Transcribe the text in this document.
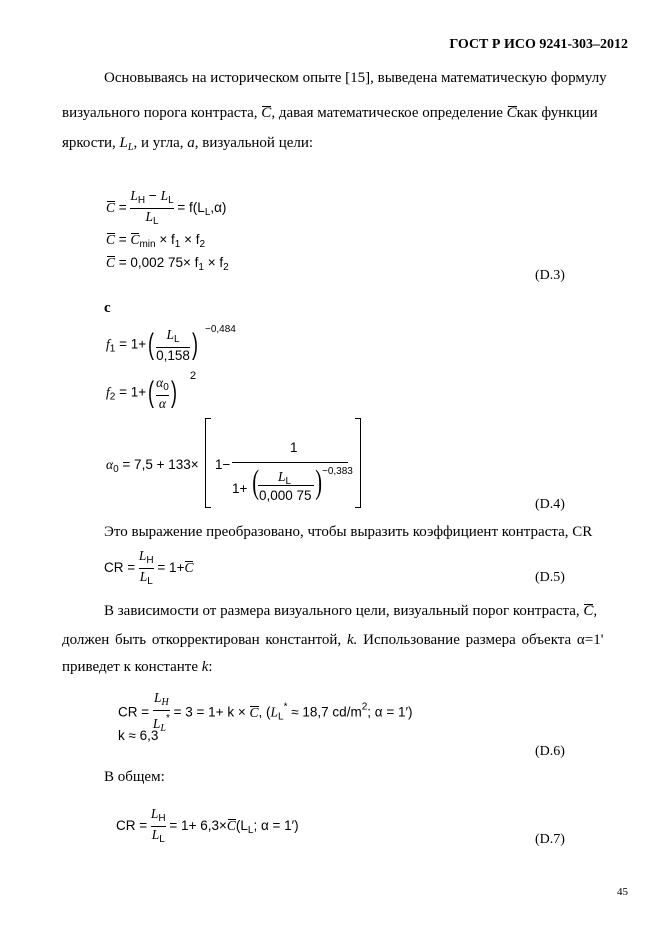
ГОСТ Р ИСО 9241-303–2012
Основываясь на историческом опыте [15], выведена математическую формулу
визуального порога контраста, C, давая математическое определение Cкак функции
яркости, $L_L$, и угла, a, визуальной цели:
$C = \frac{L_H - L_L}{L_L} = f(L_L,\alpha)$
$C = C_{min} \times f_1 \times f_2$
C = 0,002 $75\times f_1 \times f_2$
(D.3)
с
$f_1 = 1+( \frac{L_L}{0,158}$ ) −0,484
$f_2 = 1+( \frac{\alpha_0}{\alpha}$ ) 2
$\alpha_0 = 7,5 + 133\times 1-$
1
1+ ( $L_L$
0,000 75 ) −0,383
(D.4)
Это выражение преобразовано, чтобы выразить коэффициент контраста, CR
CR = $\frac{L_H}{L_L} = 1+C$
(D.5)
В зависимости от размера визуального цели, визуальный порог контраста, C,
должен быть откорректирован константой, k. Использование размера объекта α=1'
приведет к константе k:
CR = $\frac{L_H}{L_L^*} = 3 = 1+ k \times C$, ($L_L^* \approx 18,7$ $cd/m^2$; α = 1′)
k ≈ 6,3
(D.6)
В общем:
CR = $\frac{L_H}{L_L} = 1+ 6,3\times C(L_L$; α = 1′)
(D.7)
45
